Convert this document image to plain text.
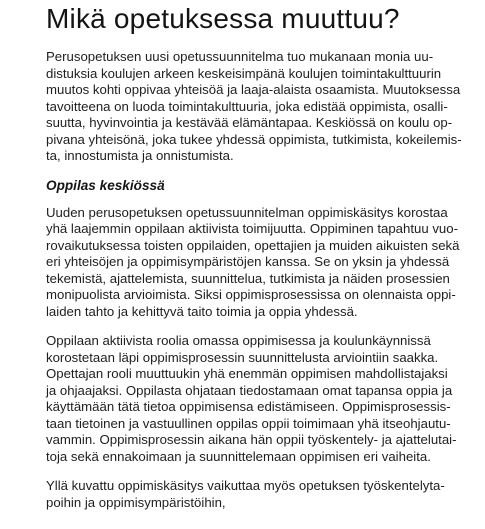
Mikä opetuksessa muuttuu?

Perusopetuksen uusi opetussuunnitelma tuo mukanaan monia uu-
distuksia koulujen arkeen keskeisimpänä koulujen toimintakulttuurin
muutos kohti oppivaa yhteisöä ja laaja-alaista osaamista. Muutoksessa
tavoitteena on luoda toimintakulttuuria, joka edistää oppimista, osalli-
suutta, hyvinvointia ja kestävää elämäntapaa. Keskiössä on koulu op-
pivana yhteisönä, joka tukee yhdessä oppimista, tutkimista, kokeilemis-
ta, innostumista ja onnistumista.

Oppilas keskiössä

Uuden perusopetuksen opetussuunnitelman oppimiskäsitys korostaa
yhä laajemmin oppilaan aktiivista toimijuutta. Oppiminen tapahtuu vuo-
rovaikutuksessa toisten oppilaiden, opettajien ja muiden aikuisten sekä
eri yhteisöjen ja oppimisympäristöjen kanssa. Se on yksin ja yhdessä
tekemistä, ajattelemista, suunnittelua, tutkimista ja näiden prosessien
monipuolista arvioimista. Siksi oppimisprosessissa on olennaista oppi-
laiden tahto ja kehittyvä taito toimia ja oppia yhdessä.

Oppilaan aktiivista roolia omassa oppimisessa ja koulunkäynnissä
korostetaan läpi oppimisprosessin suunnittelusta arviointiin saakka.
Opettajan rooli muuttuukin yhä enemmän oppimisen mahdollistajaksi
ja ohjaajaksi. Oppilasta ohjataan tiedostamaan omat tapansa oppia ja
käyttämään tätä tietoa oppimisensa edistämiseen. Oppimisprosessis-
taan tietoinen ja vastuullinen oppilas oppii toimimaan yhä itseohjautu-
vammin. Oppimisprosessin aikana hän oppii työskentely- ja ajattelutai-
toja sekä ennakoimaan ja suunnittelemaan oppimisen eri vaiheita.

Yllä kuvattu oppimiskäsitys vaikuttaa myös opetuksen työskentelyta-
poihin ja oppimisympäristöihin,
